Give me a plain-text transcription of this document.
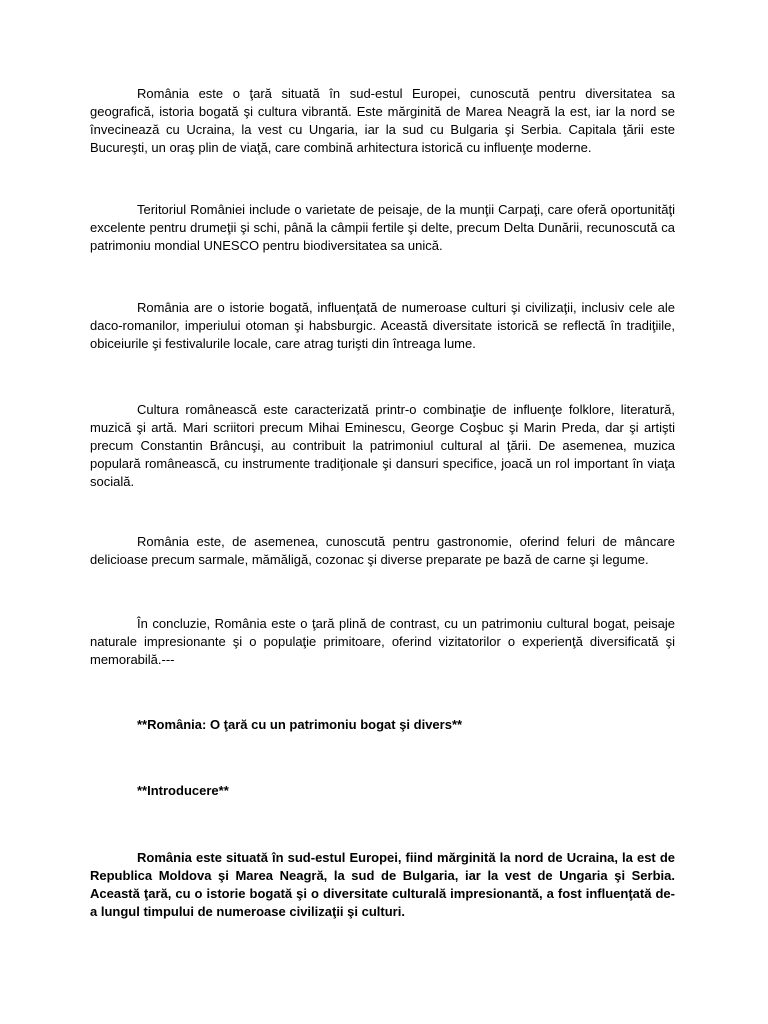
România este o ţară situată în sud-estul Europei, cunoscută pentru diversitatea sa geografică, istoria bogată şi cultura vibrantă. Este mărginită de Marea Neagră la est, iar la nord se învecinează cu Ucraina, la vest cu Ungaria, iar la sud cu Bulgaria şi Serbia. Capitala ţării este Bucureşti, un oraş plin de viaţă, care combină arhitectura istorică cu influenţe moderne.

Teritoriul României include o varietate de peisaje, de la munţii Carpaţi, care oferă oportunităţi excelente pentru drumeţii şi schi, până la câmpii fertile şi delte, precum Delta Dunării, recunoscută ca patrimoniu mondial UNESCO pentru biodiversitatea sa unică.

România are o istorie bogată, influenţată de numeroase culturi şi civilizaţii, inclusiv cele ale daco-romanilor, imperiului otoman şi habsburgic. Această diversitate istorică se reflectă în tradiţiile, obiceiurile şi festivalurile locale, care atrag turişti din întreaga lume.

Cultura românească este caracterizată printr-o combinaţie de influenţe folklore, literatură, muzică şi artă. Mari scriitori precum Mihai Eminescu, George Coşbuc şi Marin Preda, dar şi artişti precum Constantin Brâncuşi, au contribuit la patrimoniul cultural al ţării. De asemenea, muzica populară românească, cu instrumente tradiţionale şi dansuri specifice, joacă un rol important în viaţa socială.

România este, de asemenea, cunoscută pentru gastronomie, oferind feluri de mâncare delicioase precum sarmale, mămăligă, cozonac şi diverse preparate pe bază de carne şi legume.

În concluzie, România este o ţară plină de contrast, cu un patrimoniu cultural bogat, peisaje naturale impresionante şi o populaţie primitoare, oferind vizitatorilor o experienţă diversificată şi memorabilă.---

**România: O ţară cu un patrimoniu bogat şi divers**

**Introducere**

România este situată în sud-estul Europei, fiind mărginită la nord de Ucraina, la est de Republica Moldova şi Marea Neagră, la sud de Bulgaria, iar la vest de Ungaria şi Serbia. Această ţară, cu o istorie bogată şi o diversitate culturală impresionantă, a fost influenţată de-a lungul timpului de numeroase civilizaţii şi culturi.
